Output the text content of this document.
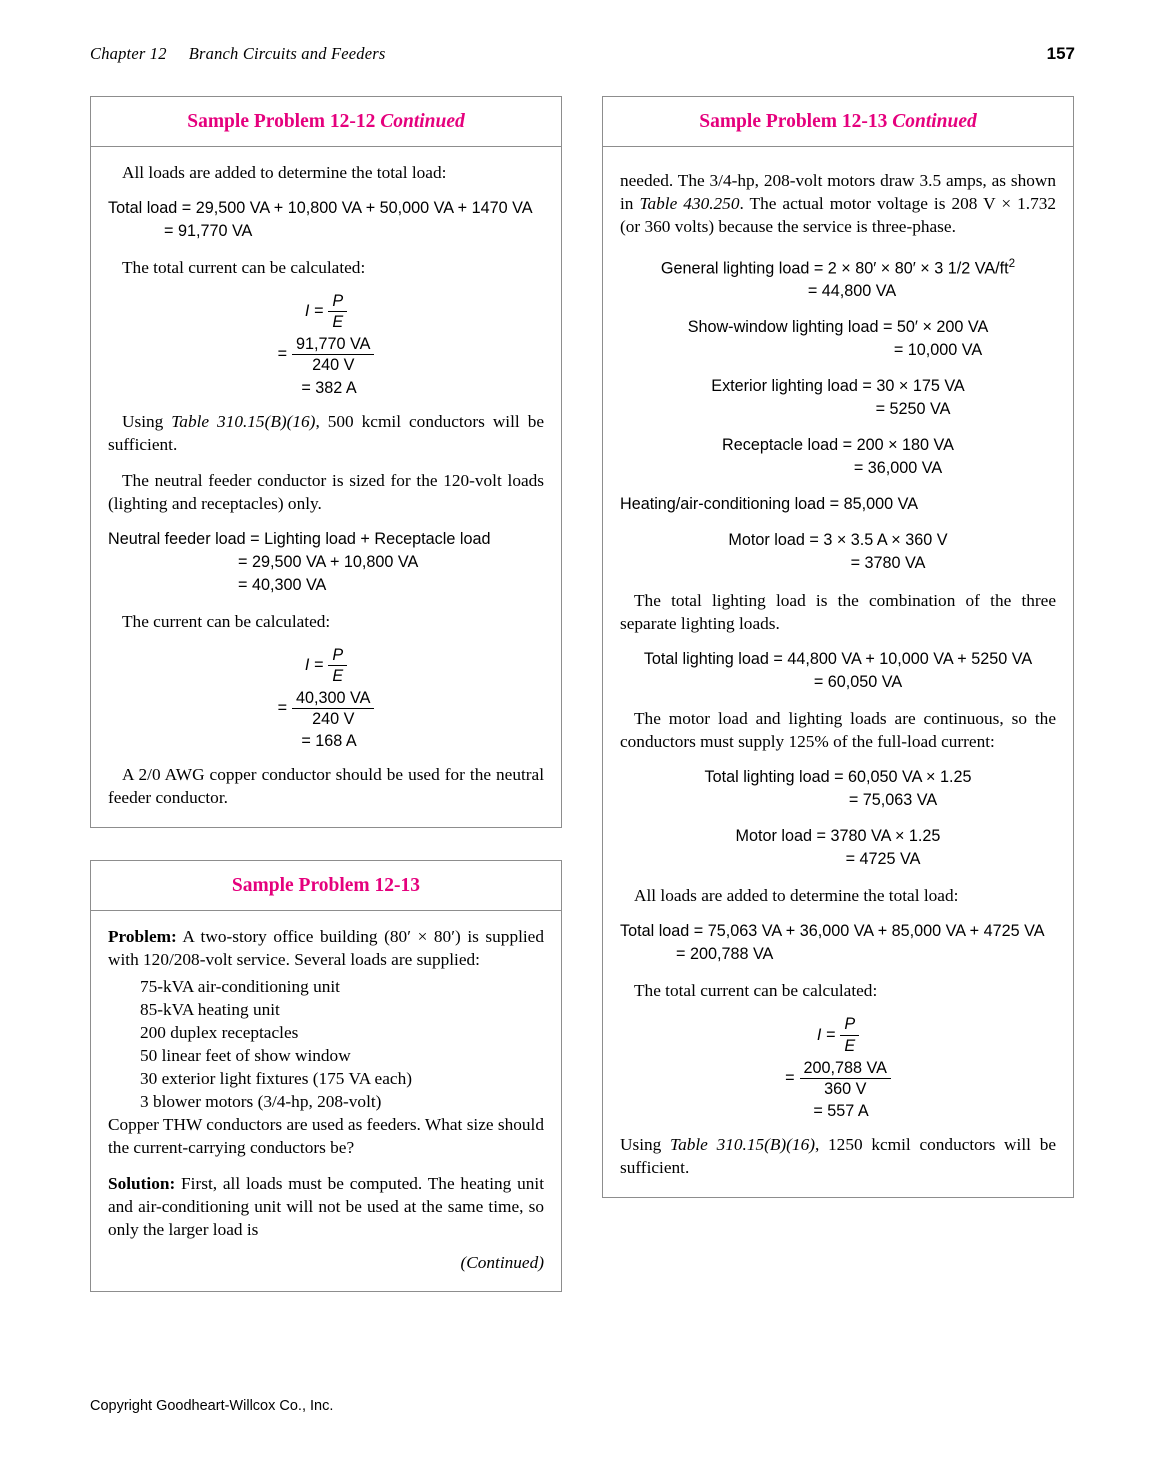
Chapter 12 Branch Circuits and Feeders	157
Sample Problem 12-12 Continued

All loads are added to determine the total load:

Total load = 29,500 VA + 10,800 VA + 50,000 VA + 1470 VA
= 91,770 VA

The total current can be calculated:

$I = \frac{P}{E}$
= $\frac{91,770 VA}{240 V}$
= 382 A

Using Table 310.15(B)(16), 500 kcmil conductors will be sufficient.

The neutral feeder conductor is sized for the 120-volt loads (lighting and receptacles) only.

Neutral feeder load = Lighting load + Receptacle load
= 29,500 VA + 10,800 VA
= 40,300 VA

The current can be calculated:

$I = \frac{P}{E}$
= $\frac{40,300 VA}{240 V}$
= 168 A

A 2/0 AWG copper conductor should be used for the neutral feeder conductor.

Sample Problem 12-13

Problem: A two-story office building (80′ × 80′) is supplied with 120/208-volt service. Several loads are supplied:

75-kVA air-conditioning unit
85-kVA heating unit
200 duplex receptacles
50 linear feet of show window
30 exterior light fixtures (175 VA each)
3 blower motors (3/4-hp, 208-volt)

Copper THW conductors are used as feeders. What size should the current-carrying conductors be?

Solution: First, all loads must be computed. The heating unit and air-conditioning unit will not be used at the same time, so only the larger load is

(Continued)
Sample Problem 12-13 Continued

needed. The 3/4-hp, 208-volt motors draw 3.5 amps, as shown in Table 430.250. The actual motor voltage is 208 V × 1.732 (or 360 volts) because the service is three-phase.

General lighting load = 2 × 80′ × 80′ × 3 1/2 $VA/ft^2$
= 44,800 VA
Show-window lighting load = 50′ × 200 VA
= 10,000 VA
Exterior lighting load = 30 × 175 VA
= 5250 VA
Receptacle load = 200 × 180 VA
= 36,000 VA
Heating/air-conditioning load = 85,000 VA
Motor load = 3 × 3.5 A × 360 V
= 3780 VA

The total lighting load is the combination of the three separate lighting loads.

Total lighting load = 44,800 VA + 10,000 VA + 5250 VA
= 60,050 VA

The motor load and lighting loads are continuous, so the conductors must supply 125% of the full-load current:

Total lighting load = 60,050 VA × 1.25
= 75,063 VA
Motor load = 3780 VA × 1.25
= 4725 VA

All loads are added to determine the total load:

Total load = 75,063 VA + 36,000 VA + 85,000 VA + 4725 VA
= 200,788 VA

The total current can be calculated:

$I = \frac{P}{E}$
= $\frac{200,788 VA}{360 V}$
= 557 A

Using Table 310.15(B)(16), 1250 kcmil conductors will be sufficient.

Copyright Goodheart-Willcox Co., Inc.
